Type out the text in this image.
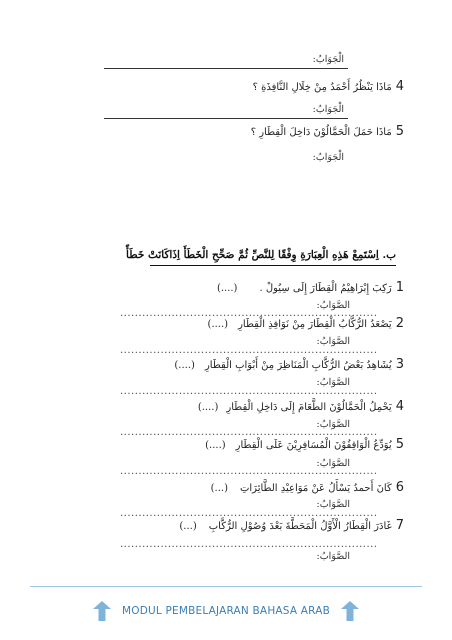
الْجَوَابُ:
4
مَاذَا يَنْظُرُ أَحْمَدُ مِنْ خِلَالِ النَّافِذَةِ ؟
الْجَوَابُ:
5
مَاذَا حَمَلَ الْحَمَّالُوْنَ دَاخِلَ الْقِطَارِ ؟
الْجَوَابُ:
ب. اِسْتَمِعْ هَذِهِ الْعِبَارَةِ وِفْقًا لِلنَّصِّ ثُمَّ صَحِّحِ الْخَطَأَ اِذَاكَانَتْ خَطَأً
1
رَكِبَ إِبْرَاهِيْمُ الْقِطَارَ إِلَى سِيُولْ .
(....)
الصَّوَابُ:
......................................................................
2
يَصْعَدُ الرُّكَّابُ الْقِطَارَ مِنْ نَوَافِذِ الْقِطَارِ
(....)
الصَّوَابُ:
......................................................................
3
يُشَاهِدُ بَعْضُ الرُّكَّابِ الْمَنَاظِرَ مِنْ أَبْوَابِ الْقِطَارِ
(....)
الصَّوَابُ:
......................................................................
4
يَحْمِلُ الْحَمَّالُوْنَ الطَّعَامَ إِلَى دَاخِلِ الْقِطَارِ
(....)
الصَّوَابُ:
......................................................................
5
يُوَدِّعُ الْوَاقِفُوْنَ الْمُسَافِرِيْنَ عَلَى الْقِطَارِ
(....)
الصَّوَابُ:
......................................................................
6
كَانَ أَحمدُ يَسْأَلُ عَنْ مَوَاعِيْدِ الطَّائِرَاتِ
(...)
الصَّوَابُ:
......................................................................
7
غَادَرَ الْقِطَارُ الْأَوَّلُ الْمَحَطَّةَ بَعْدَ وُصُوْلِ الرُّكَّابِ
(...)
......................................................................
الصَّوَابُ:
MODUL PEMBELAJARAN BAHASA ARAB
